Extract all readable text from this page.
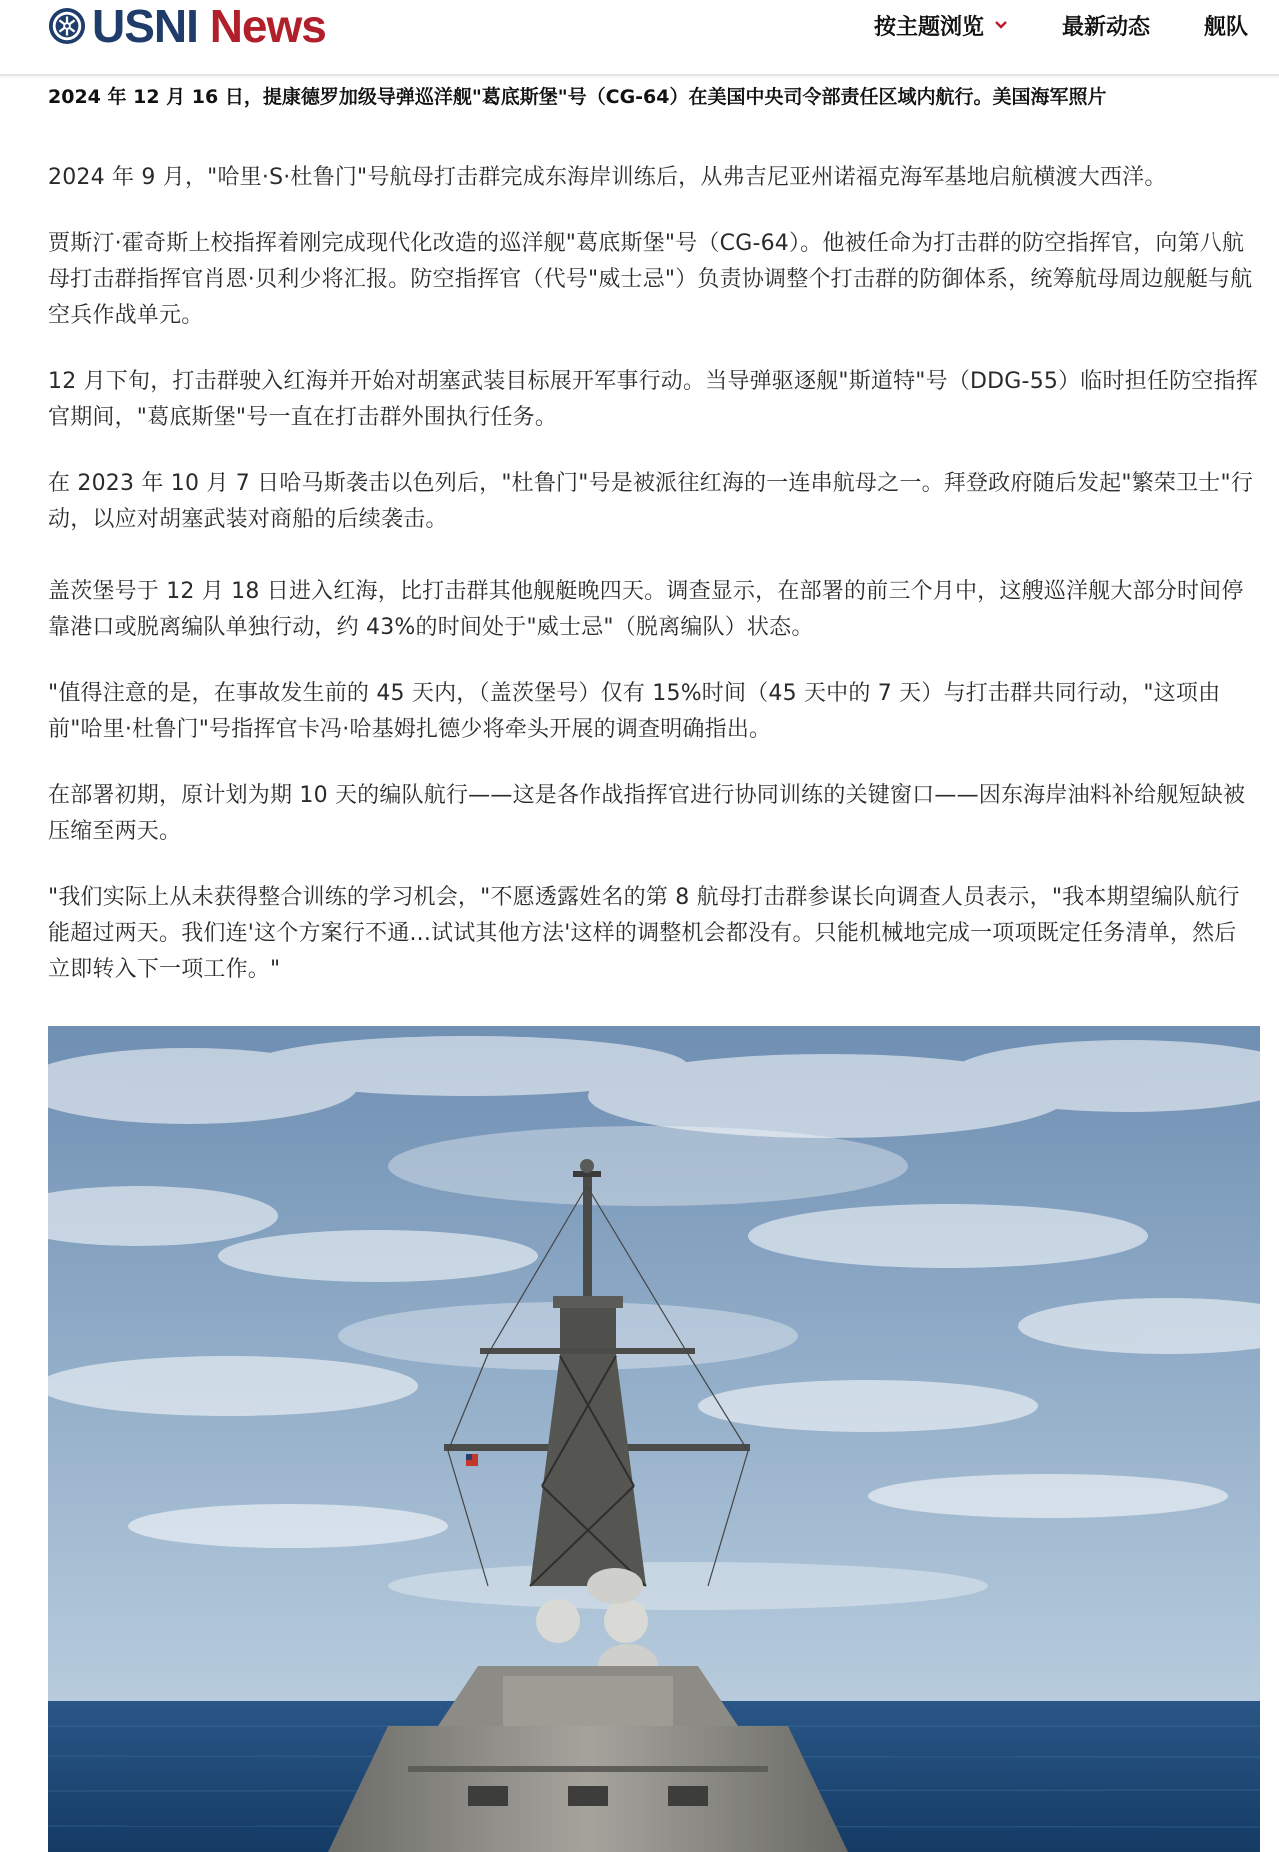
USNI News	按主题浏览	最新动态 舰队
2024 年 12 月 16 日，提康德罗加级导弹巡洋舰"葛底斯堡"号（CG-64）在美国中央司令部责任区域内航行。美国海军照片

2024 年 9 月，"哈里·S·杜鲁门"号航母打击群完成东海岸训练后，从弗吉尼亚州诺福克海军基地启航横渡大西洋。

贾斯汀·霍奇斯上校指挥着刚完成现代化改造的巡洋舰"葛底斯堡"号（CG-64）。他被任命为打击群的防空指挥官，向第八航母打击群指挥官肖恩·贝利少将汇报。防空指挥官（代号"威士忌"）负责协调整个打击群的防御体系，统筹航母周边舰艇与航空兵作战单元。

12 月下旬，打击群驶入红海并开始对胡塞武装目标展开军事行动。当导弹驱逐舰"斯道特"号（DDG-55）临时担任防空指挥官期间，"葛底斯堡"号一直在打击群外围执行任务。

在 2023 年 10 月 7 日哈马斯袭击以色列后，"杜鲁门"号是被派往红海的一连串航母之一。拜登政府随后发起"繁荣卫士"行动，以应对胡塞武装对商船的后续袭击。

盖茨堡号于 12 月 18 日进入红海，比打击群其他舰艇晚四天。调查显示，在部署的前三个月中，这艘巡洋舰大部分时间停靠港口或脱离编队单独行动，约 43%的时间处于"威士忌"（脱离编队）状态。

"值得注意的是，在事故发生前的 45 天内，（盖茨堡号）仅有 15%时间（45 天中的 7 天）与打击群共同行动，"这项由前"哈里·杜鲁门"号指挥官卡冯·哈基姆扎德少将牵头开展的调查明确指出。

在部署初期，原计划为期 10 天的编队航行——这是各作战指挥官进行协同训练的关键窗口——因东海岸油料补给舰短缺被压缩至两天。

"我们实际上从未获得整合训练的学习机会，"不愿透露姓名的第 8 航母打击群参谋长向调查人员表示，"我本期望编队航行能超过两天。我们连'这个方案行不通...试试其他方法'这样的调整机会都没有。只能机械地完成一项项既定任务清单，然后立即转入下一项工作。"
